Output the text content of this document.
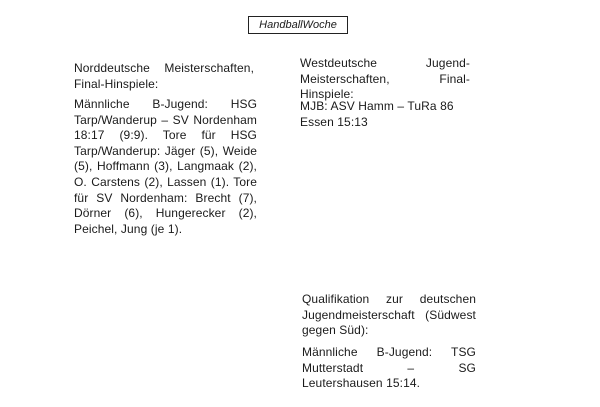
HandballWoche

Norddeutsche Meisterschaften, Final-Hinspiele:

Männliche B-Jugend: HSG Tarp/Wanderup – SV Nordenham 18:17 (9:9). Tore für HSG Tarp/Wanderup: Jäger (5), Weide (5), Hoffmann (3), Langmaak (2), O. Carstens (2), Lassen (1). Tore für SV Nordenham: Brecht (7), Dörner (6), Hungerecker (2), Peichel, Jung (je 1).

Westdeutsche Jugend-Meisterschaften, Final-Hinspiele:

MJB: ASV Hamm – TuRa 86 Essen 15:13

Qualifikation zur deutschen Jugendmeisterschaft (Südwest gegen Süd):

Männliche B-Jugend: TSG Mutterstadt – SG Leutershausen 15:14.
